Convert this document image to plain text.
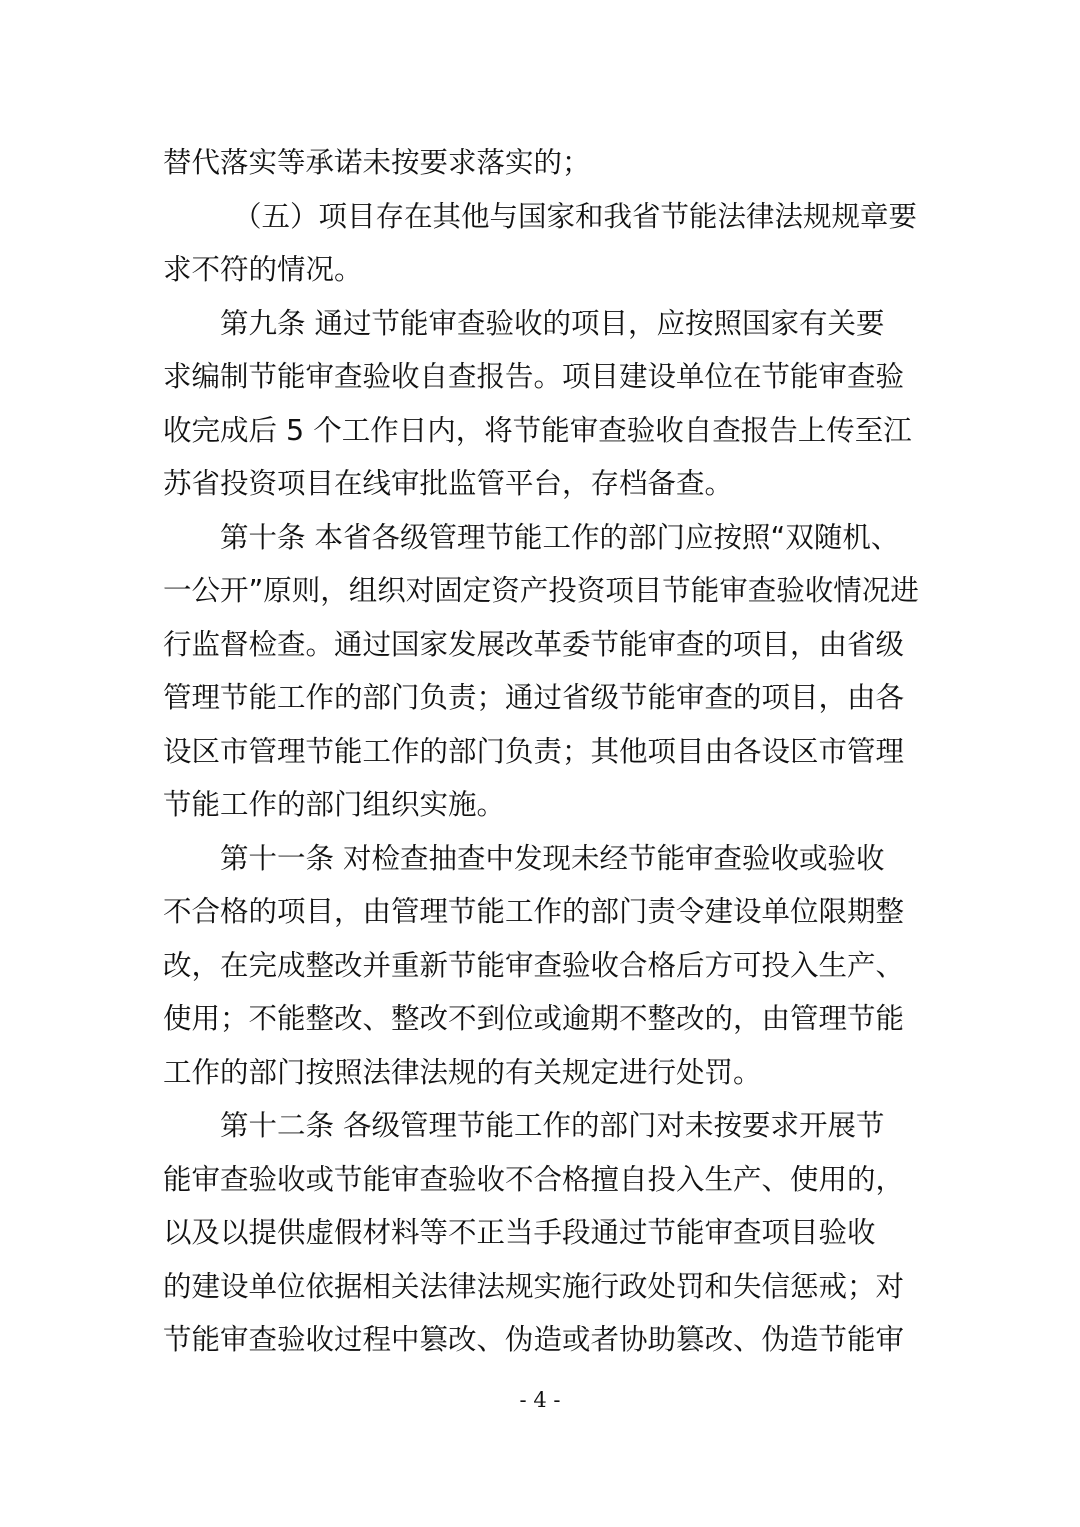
替代落实等承诺未按要求落实的；
（五）项目存在其他与国家和我省节能法律法规规章要
求不符的情况。
第九条 通过节能审查验收的项目，应按照国家有关要
求编制节能审查验收自查报告。项目建设单位在节能审查验
收完成后 5 个工作日内，将节能审查验收自查报告上传至江
苏省投资项目在线审批监管平台，存档备查。
第十条 本省各级管理节能工作的部门应按照“双随机、
一公开”原则，组织对固定资产投资项目节能审查验收情况进
行监督检查。通过国家发展改革委节能审查的项目，由省级
管理节能工作的部门负责；通过省级节能审查的项目，由各
设区市管理节能工作的部门负责；其他项目由各设区市管理
节能工作的部门组织实施。
第十一条 对检查抽查中发现未经节能审查验收或验收
不合格的项目，由管理节能工作的部门责令建设单位限期整
改，在完成整改并重新节能审查验收合格后方可投入生产、
使用；不能整改、整改不到位或逾期不整改的，由管理节能
工作的部门按照法律法规的有关规定进行处罚。
第十二条 各级管理节能工作的部门对未按要求开展节
能审查验收或节能审查验收不合格擅自投入生产、使用的，
以及以提供虚假材料等不正当手段通过节能审查项目验收
的建设单位依据相关法律法规实施行政处罚和失信惩戒；对
节能审查验收过程中篡改、伪造或者协助篡改、伪造节能审
- 4 -
